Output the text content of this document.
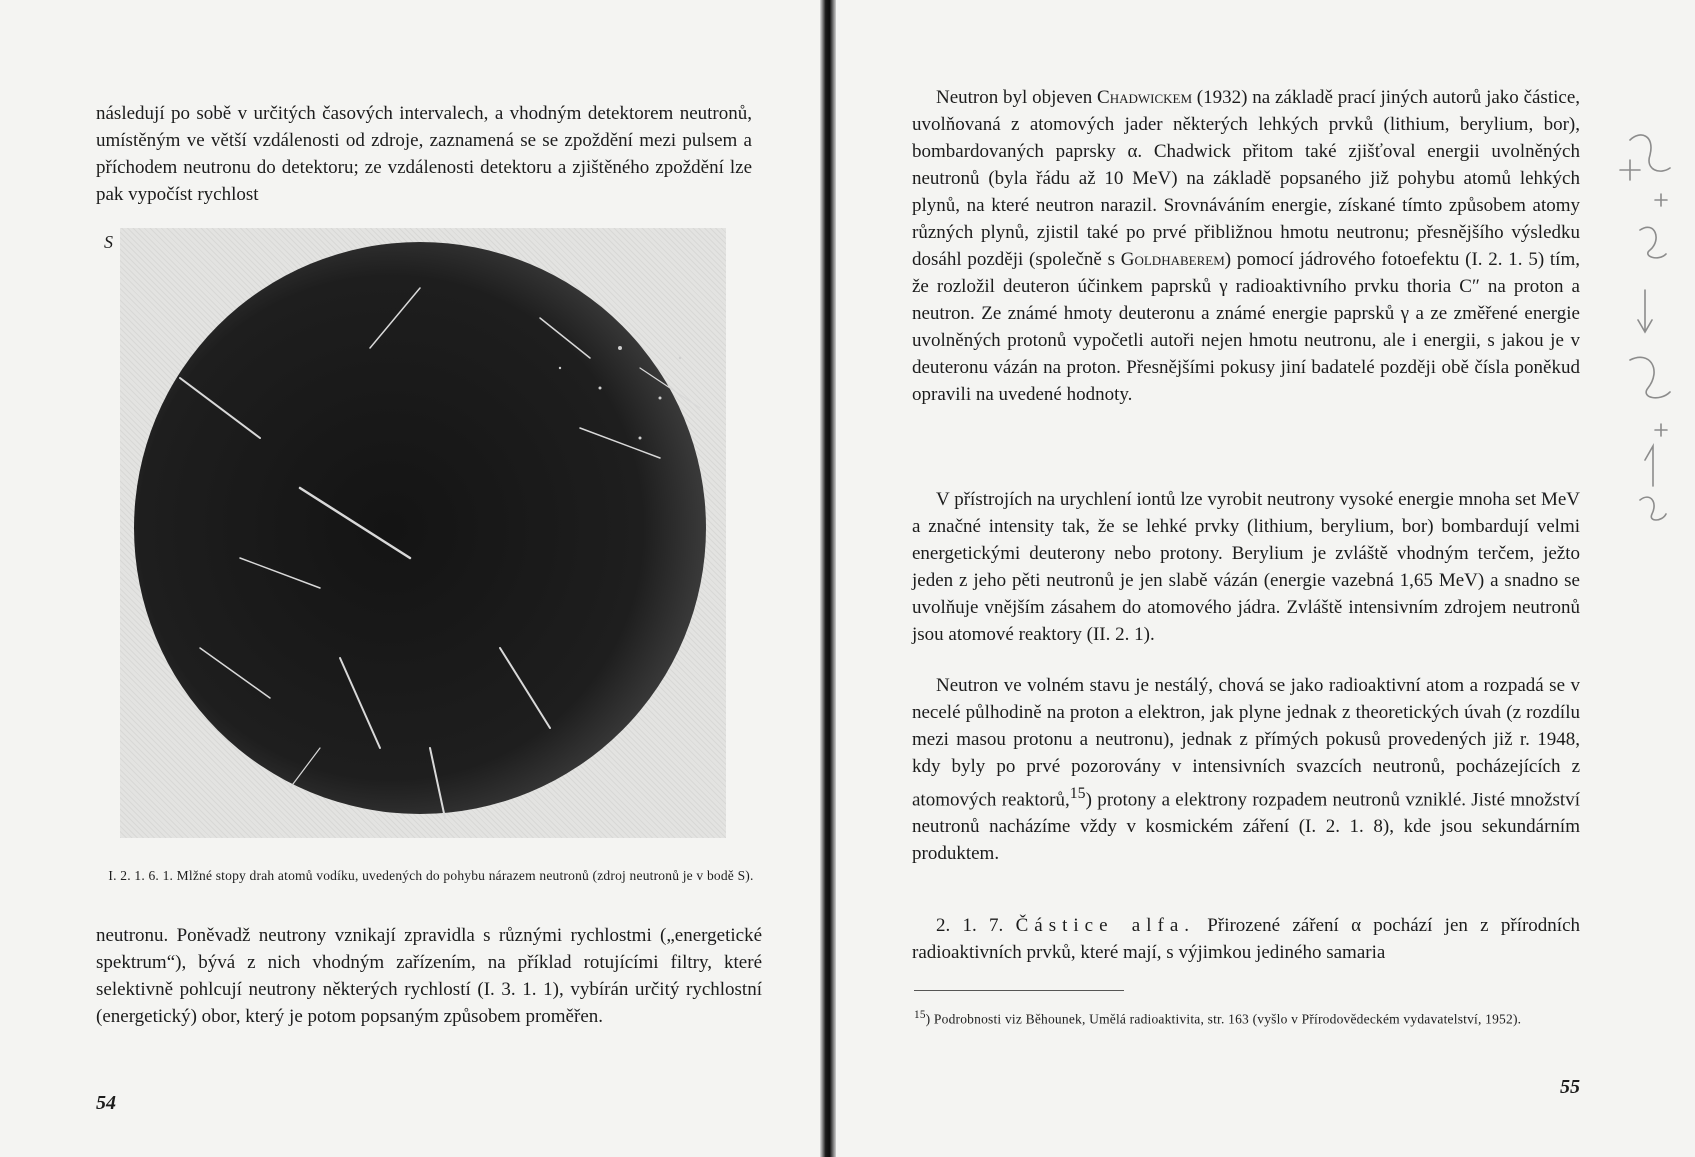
následují po sobě v určitých časových intervalech, a vhodným detektorem neutronů, umístěným ve větší vzdálenosti od zdroje, zaznamená se se zpoždění mezi pulsem a příchodem neutronu do detektoru; ze vzdálenosti detektoru a zjištěného zpoždění lze pak vypočíst rychlost

S
I. 2. 1. 6. 1. Mlžné stopy drah atomů vodíku, uvedených do pohybu nárazem neutronů (zdroj neutronů je v bodě S).

neutronu. Poněvadž neutrony vznikají zpravidla s různými rychlostmi („energetické spektrum“), bývá z nich vhodným zařízením, na příklad rotujícími filtry, které selektivně pohlcují neutrony některých rychlostí (I. 3. 1. 1), vybírán určitý rychlostní (energetický) obor, který je potom popsaným způsobem proměřen.

54

Neutron byl objeven Chadwickem (1932) na základě prací jiných autorů jako částice, uvolňovaná z atomových jader některých lehkých prvků (lithium, berylium, bor), bombardovaných paprsky α. Chadwick přitom také zjišťoval energii uvolněných neutronů (byla řádu až 10 MeV) na základě popsaného již pohybu atomů lehkých plynů, na které neutron narazil. Srovnáváním energie, získané tímto způsobem atomy různých plynů, zjistil také po prvé přibližnou hmotu neutronu; přesnějšího výsledku dosáhl později (společně s Goldhaberem) pomocí jádrového fotoefektu (I. 2. 1. 5) tím, že rozložil deuteron účinkem paprsků γ radioaktivního prvku thoria C″ na proton a neutron. Ze známé hmoty deuteronu a známé energie paprsků γ a ze změřené energie uvolněných protonů vypočetli autoři nejen hmotu neutronu, ale i energii, s jakou je v deuteronu vázán na proton. Přesnějšími pokusy jiní badatelé později obě čísla poněkud opravili na uvedené hodnoty.

V přístrojích na urychlení iontů lze vyrobit neutrony vysoké energie mnoha set MeV a značné intensity tak, že se lehké prvky (lithium, berylium, bor) bombardují velmi energetickými deuterony nebo protony. Berylium je zvláště vhodným terčem, ježto jeden z jeho pěti neutronů je jen slabě vázán (energie vazebná 1,65 MeV) a snadno se uvolňuje vnějším zásahem do atomového jádra. Zvláště intensivním zdrojem neutronů jsou atomové reaktory (II. 2. 1).

Neutron ve volném stavu je nestálý, chová se jako radioaktivní atom a rozpadá se v necelé půlhodině na proton a elektron, jak plyne jednak z theoretických úvah (z rozdílu mezi masou protonu a neutronu), jednak z přímých pokusů provedených již r. 1948, kdy byly po prvé pozorovány v intensivních svazcích neutronů, pocházejících z atomových reaktorů,$^{15}$) protony a elektrony rozpadem neutronů vzniklé. Jisté množství neutronů nacházíme vždy v kosmickém záření (I. 2. 1. 8), kde jsou sekundárním produktem.

2. 1. 7. Částice alfa. Přirozené záření α pochází jen z přírodních radioaktivních prvků, které mají, s výjimkou jediného samaria

$^{15}$) Podrobnosti viz Běhounek, Umělá radioaktivita, str. 163 (vyšlo v Přírodovědeckém vydavatelství, 1952).
55
